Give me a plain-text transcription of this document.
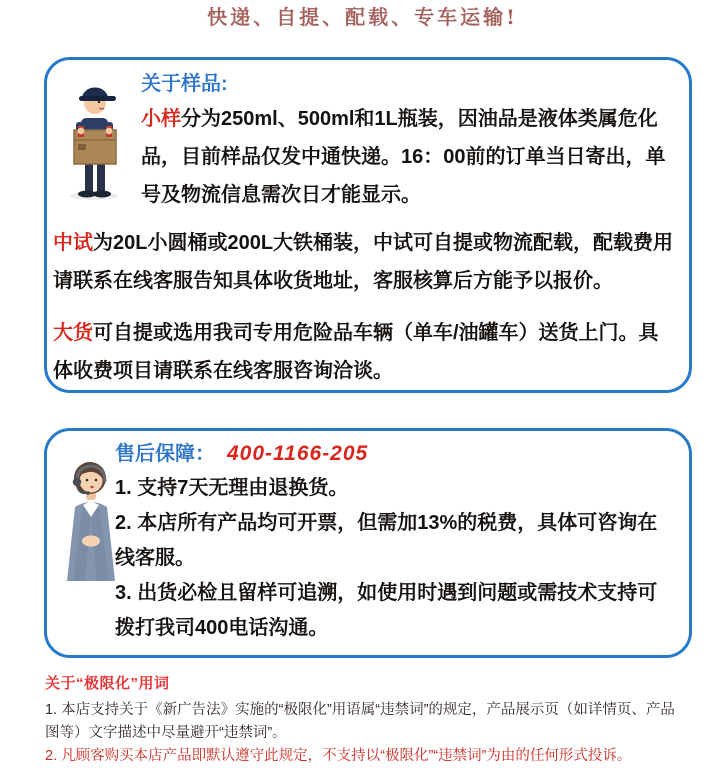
快递、自提、配载、专车运输!
关于样品:

小样分为250ml、500ml和1L瓶装，因油品是液体类属危化品，目前样品仅发中通快递。16：00前的订单当日寄出，单号及物流信息需次日才能显示。

中试为20L小圆桶或200L大铁桶装，中试可自提或物流配载，配载费用请联系在线客服告知具体收货地址，客服核算后方能予以报价。

大货可自提或选用我司专用危险品车辆（单车/油罐车）送货上门。具体收费项目请联系在线客服咨询洽谈。

售后保障： 400-1166-205

1. 支持7天无理由退换货。

2. 本店所有产品均可开票，但需加13%的税费，具体可咨询在线客服。

3. 出货必检且留样可追溯，如使用时遇到问题或需技术支持可拨打我司400电话沟通。

关于“极限化”用词

1. 本店支持关于《新广告法》实施的“极限化”用语属“违禁词”的规定，产品展示页（如详情页、产品图等）文字描述中尽量避开“违禁词”。

2. 凡顾客购买本店产品即默认遵守此规定，不支持以“极限化”“违禁词”为由的任何形式投诉。
